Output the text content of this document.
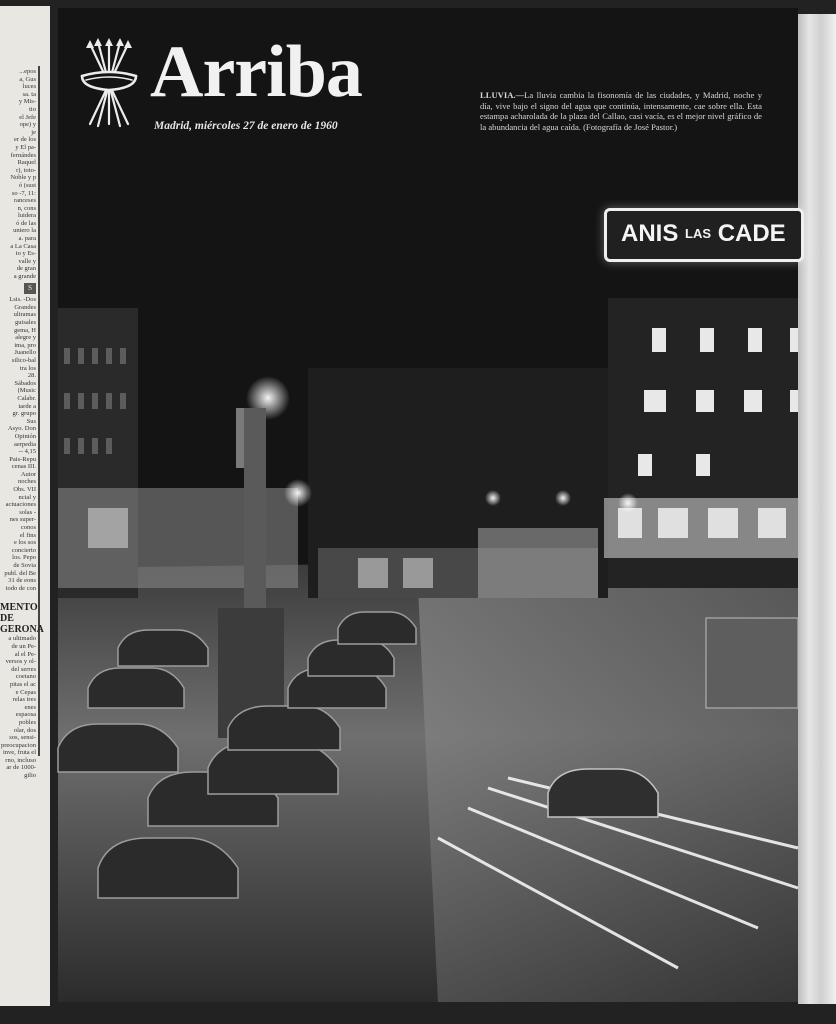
...epos
a, Gus
luces
sa. ta
y Mis-
tio
el Jefe
ope) y
je
er de los
y El pa-
fernándes
Raquel
r), toto-
Noble y p
ó (sust
so -7, 11:
ranceses
n, cons
luidera
ó de las
uniero la
a. para
a La Casa
to y Es-
valle y
de gran
a grande
S
Lsis. -Dos
Grandes
ultramas
guisales
gema, H
alegre y
ima, pro
Juanello
silico-bal
tra los
28.
Sábados
(Music
Calabr.
tarde a
gr. grupo
Sus
Asyo. Don
Opinión
aerpedia
-- 4,15
Pais-Repu
cenas III.
Autor
noches
Obs. VII
ncial y
actuaciones
solas -
nes super-
conos
el fins
e los sos
concierto
los. Pepo
de Sovia
publ. del Be
31 de eons
todo de con
MENTO DE GERONA
a ultimado
de un Pe-
al el Pe-
versos y ol-
del serres
coetano
pitas el ac
e Cepas
relas tres
enes
espaosa
pobles
olar, dos
sos, sensi-
preocupacion
inve, fruta el
rno, incluso
ar de 1000-
gilio
Arriba
Madrid, miércoles 27 de enero de 1960
LLUVIA.—La lluvia cambia la fisonomía de las ciudades, y Madrid, noche y día, vive bajo el signo del agua que continúa, intensamente, cae sobre ella. Esta estampa acharolada de la plaza del Callao, casi vacía, es el mejor nivel gráfico de la abundancia del agua caída. (Fotografía de José Pastor.)
ANIS LAS CADE
